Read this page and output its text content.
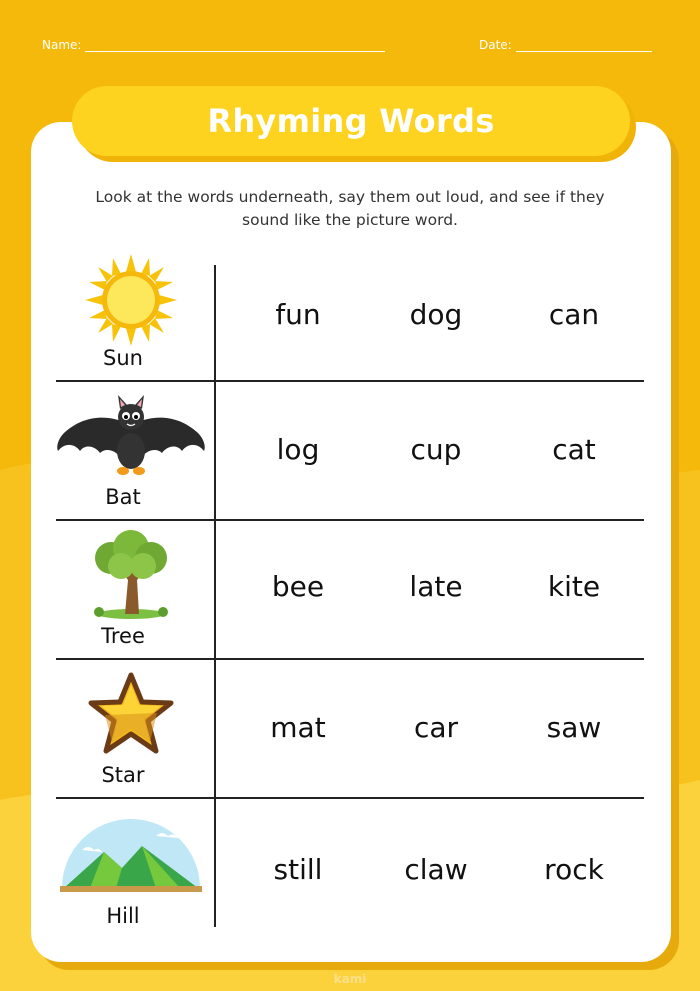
Name:	Date:
Rhyming Words
Look at the words underneath, say them out loud, and see if they sound like the picture word.
Sun
fun	dog	can
Bat
log	cup	cat
Tree
bee	late	kite
Star
mat	car	saw
Hill
still	claw	rock
kami
